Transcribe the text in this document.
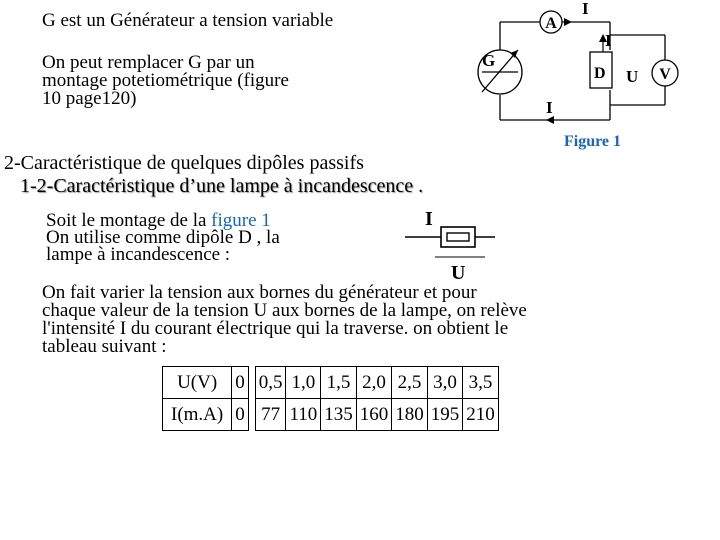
G est un Générateur a tension variable
On peut remplacer G par un
montage potetiométrique (figure
10 page120)
A
I
I
G
D U V
I
Figure 1
2-Caractéristique de quelques dipôles passifs
1-2-Caractéristique d’une lampe à incandescence .
Soit le montage de la figure 1
On utilise comme dipôle D , la
lampe à incandescence :
I
U
On fait varier la tension aux bornes du générateur et pour
chaque valeur de la tension U aux bornes de la lampe, on relève
l'intensité I du courant électrique qui la traverse. on obtient le
tableau suivant :
U(V)	0		0,5	1,0	1,5	2,0	2,5	3,0	3,5
I(m.A)	0		77	110	135	160	180	195	210
